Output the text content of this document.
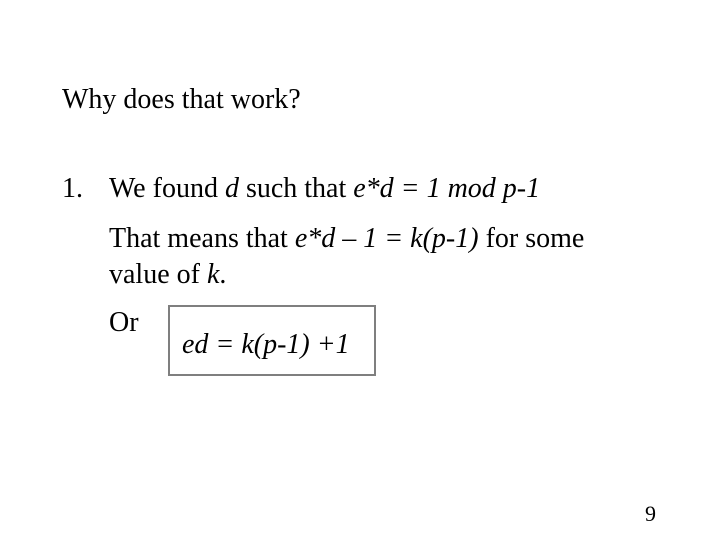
Why does that work?
1. We found d such that e*d = 1 mod p-1
That means that e*d – 1 = k(p-1) for some
value of k.
Or
ed = k(p-1) +1
9
